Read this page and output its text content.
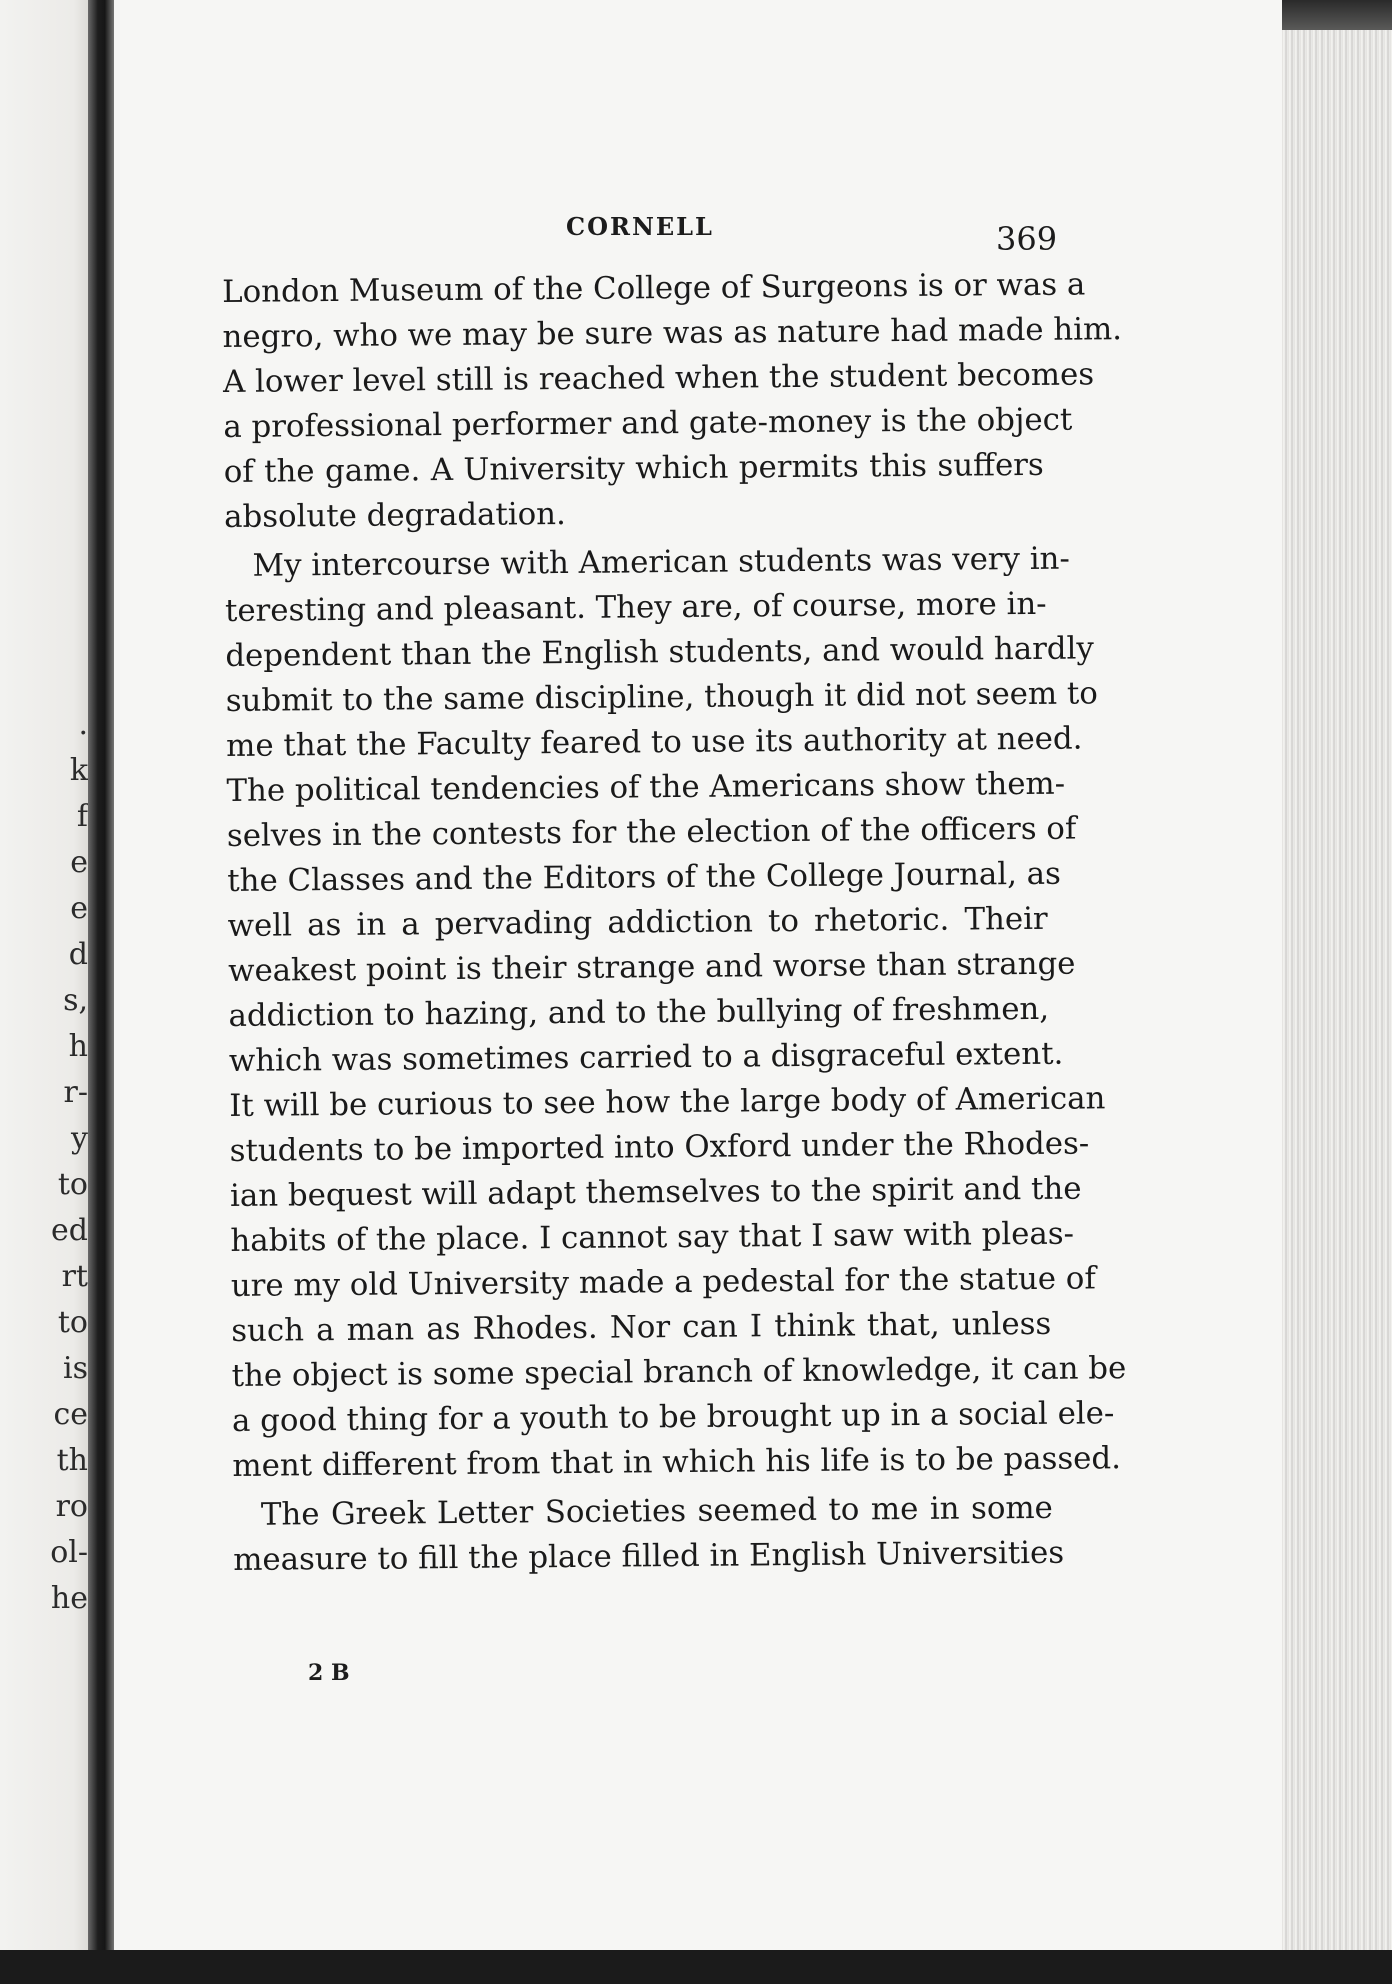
.
k
f
e
e
d
s,
h
r-
y
to
ed
rt
to
is
ce
th
ro
ol-
he
CORNELL	369
London Museum of the College of Surgeons is or was a
negro, who we may be sure was as nature had made him.
A lower level still is reached when the student becomes
a professional performer and gate-money is the object
of the game. A University which permits this suffers
absolute degradation.
My intercourse with American students was very in-
teresting and pleasant. They are, of course, more in-
dependent than the English students, and would hardly
submit to the same discipline, though it did not seem to
me that the Faculty feared to use its authority at need.
The political tendencies of the Americans show them-
selves in the contests for the election of the officers of
the Classes and the Editors of the College Journal, as
well as in a pervading addiction to rhetoric. Their
weakest point is their strange and worse than strange
addiction to hazing, and to the bullying of freshmen,
which was sometimes carried to a disgraceful extent.
It will be curious to see how the large body of American
students to be imported into Oxford under the Rhodes-
ian bequest will adapt themselves to the spirit and the
habits of the place. I cannot say that I saw with pleas-
ure my old University made a pedestal for the statue of
such a man as Rhodes. Nor can I think that, unless
the object is some special branch of knowledge, it can be
a good thing for a youth to be brought up in a social ele-
ment different from that in which his life is to be passed.
The Greek Letter Societies seemed to me in some
measure to fill the place filled in English Universities
2 B
